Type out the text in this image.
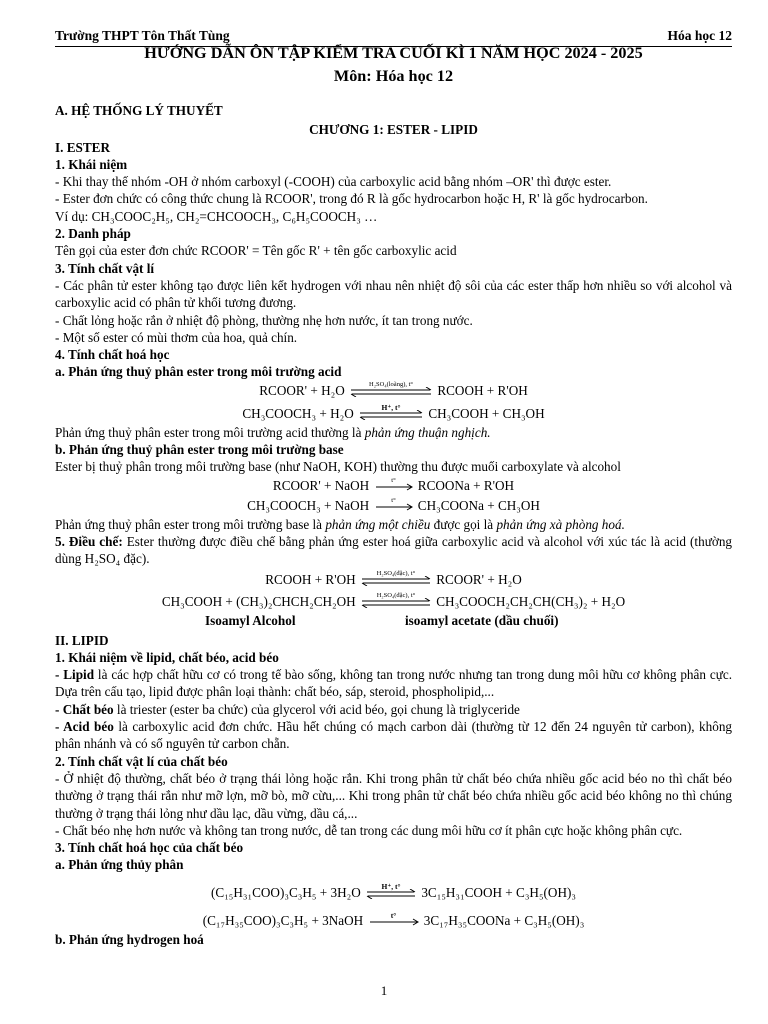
Trường THPT Tôn Thất Tùng	Hóa học 12
HƯỚNG DẪN ÔN TẬP KIỂM TRA CUỐI KÌ 1 NĂM HỌC 2024 - 2025
Môn: Hóa học 12

A. HỆ THỐNG LÝ THUYẾT

CHƯƠNG 1: ESTER - LIPID

I. ESTER

1. Khái niệm

- Khi thay thế nhóm -OH ở nhóm carboxyl (-COOH) của carboxylic acid bằng nhóm –OR' thì được ester.

- Ester đơn chức có công thức chung là RCOOR', trong đó R là gốc hydrocarbon hoặc H, R' là gốc hydrocarbon.

Ví dụ: CH₃COOC₂H₅, CH₂=CHCOOCH₃, C₆H₅COOCH₃ …

2. Danh pháp

Tên gọi của ester đơn chức RCOOR' = Tên gốc R' + tên gốc carboxylic acid

3. Tính chất vật lí

- Các phân tử ester không tạo được liên kết hydrogen với nhau nên nhiệt độ sôi của các ester thấp hơn nhiều so với alcohol và carboxylic acid có phân tử khối tương đương.

- Chất lỏng hoặc rắn ở nhiệt độ phòng, thường nhẹ hơn nước, ít tan trong nước.

- Một số ester có mùi thơm của hoa, quả chín.

4. Tính chất hoá học

a. Phản ứng thuỷ phân ester trong môi trường acid

RCOOR' + H₂O	H₂SO₄(loãng), t°	RCOOH + R'OH
CH₃COOCH₃ + H₂O	H⁺, t°	CH₃COOH + CH₃OH

Phản ứng thuỷ phân ester trong môi trường acid thường là phản ứng thuận nghịch.

b. Phản ứng thuỷ phân ester trong môi trường base

Ester bị thuỷ phân trong môi trường base (như NaOH, KOH) thường thu được muối carboxylate và alcohol

RCOOR' + NaOH	t°	RCOONa + R'OH
CH₃COOCH₃ + NaOH	t°	CH₃COONa + CH₃OH

Phản ứng thuỷ phân ester trong môi trường base là phản ứng một chiều được gọi là phản ứng xà phòng hoá.

5. Điều chế: Ester thường được điều chế bằng phản ứng ester hoá giữa carboxylic acid và alcohol với xúc tác là acid (thường dùng H₂SO₄ đặc).

RCOOH + R'OH	H₂SO₄(đặc), t°	RCOOR' + H₂O
CH₃COOH + (CH₃)₂CHCH₂CH₂OH	H₂SO₄(đặc), t°	CH₃COOCH₂CH₂CH(CH₃)₂ + H₂O
Isoamyl Alcohol	isoamyl acetate (dầu chuối)

II. LIPID

1. Khái niệm về lipid, chất béo, acid béo

- Lipid là các hợp chất hữu cơ có trong tế bào sống, không tan trong nước nhưng tan trong dung môi hữu cơ không phân cực. Dựa trên cấu tạo, lipid được phân loại thành: chất béo, sáp, steroid, phospholipid,...

- Chất béo là triester (ester ba chức) của glycerol với acid béo, gọi chung là triglyceride

- Acid béo là carboxylic acid đơn chức. Hầu hết chúng có mạch carbon dài (thường từ 12 đến 24 nguyên tử carbon), không phân nhánh và có số nguyên tử carbon chẵn.

2. Tính chất vật lí của chất béo

- Ở nhiệt độ thường, chất béo ở trạng thái lỏng hoặc rắn. Khi trong phân tử chất béo chứa nhiều gốc acid béo no thì chất béo thường ở trạng thái rắn như mỡ lợn, mỡ bò, mỡ cừu,... Khi trong phân tử chất béo chứa nhiều gốc acid béo không no thì chúng thường ở trạng thái lỏng như dầu lạc, dầu vừng, dầu cá,...

- Chất béo nhẹ hơn nước và không tan trong nước, dễ tan trong các dung môi hữu cơ ít phân cực hoặc không phân cực.

3. Tính chất hoá học của chất béo

a. Phản ứng thủy phân

(C₁₅H₃₁COO)₃C₃H₅ + 3H₂O	H⁺, t°	3C₁₅H₃₁COOH + C₃H₅(OH)₃
(C₁₇H₃₅COO)₃C₃H₅ + 3NaOH	t°	3C₁₇H₃₅COONa + C₃H₅(OH)₃

b. Phản ứng hydrogen hoá

1
